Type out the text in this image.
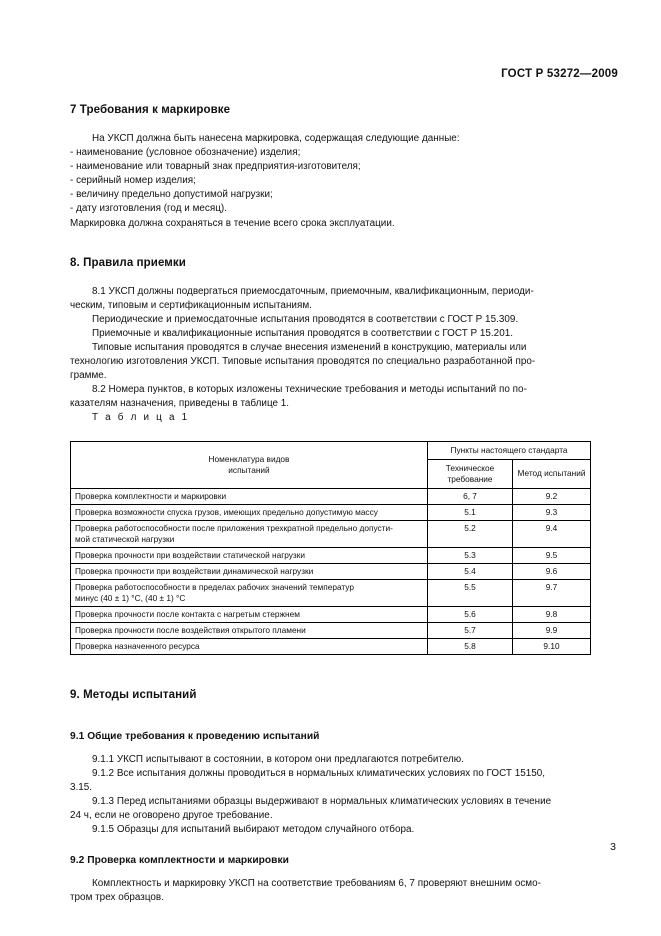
ГОСТ Р 53272—2009
7 Требования к маркировке

На УКСП должна быть нанесена маркировка, содержащая следующие данные:
- наименование (условное обозначение) изделия;
- наименование или товарный знак предприятия-изготовителя;
- серийный номер изделия;
- величину предельно допустимой нагрузки;
- дату изготовления (год и месяц).
Маркировка должна сохраняться в течение всего срока эксплуатации.

8. Правила приемки

8.1 УКСП должны подвергаться приемосдаточным, приемочным, квалификационным, периоди-
ческим, типовым и сертификационным испытаниям.
Периодические и приемосдаточные испытания проводятся в соответствии с ГОСТ Р 15.309.
Приемочные и квалификационные испытания проводятся в соответствии с ГОСТ Р 15.201.
Типовые испытания проводятся в случае внесения изменений в конструкцию, материалы или
технологию изготовления УКСП. Типовые испытания проводятся по специально разработанной про-
грамме.
8.2 Номера пунктов, в которых изложены технические требования и методы испытаний по по-
казателям назначения, приведены в таблице 1.

Т а б л и ц а 1

Номенклатура видов
испытаний	Пункты настоящего стандарта	
	Техническое
требование	Метод испытаний
Проверка комплектности и маркировки	6, 7	9.2
Проверка возможности спуска грузов, имеющих предельно допустимую массу	5.1	9.3
Проверка работоспособности после приложения трехкратной предельно допусти-
мой статической нагрузки	5.2	9.4
Проверка прочности при воздействии статической нагрузки	5.3	9.5
Проверка прочности при воздействии динамической нагрузки	5.4	9.6
Проверка работоспособности в пределах рабочих значений температур
минус (40 ± 1) °С, (40 ± 1) °С	5.5	9.7
Проверка прочности после контакта с нагретым стержнем	5.6	9.8
Проверка прочности после воздействия открытого пламени	5.7	9.9
Проверка назначенного ресурса	5.8	9.10
9. Методы испытаний
9.1 Общие требования к проведению испытаний

9.1.1 УКСП испытывают в состоянии, в котором они предлагаются потребителю.
9.1.2 Все испытания должны проводиться в нормальных климатических условиях по ГОСТ 15150,
3.15.
9.1.3 Перед испытаниями образцы выдерживают в нормальных климатических условиях в течение
24 ч, если не оговорено другое требование.
9.1.5 Образцы для испытаний выбирают методом случайного отбора.

9.2 Проверка комплектности и маркировки

Комплектность и маркировку УКСП на соответствие требованиям 6, 7 проверяют внешним осмо-
тром трех образцов.

3
